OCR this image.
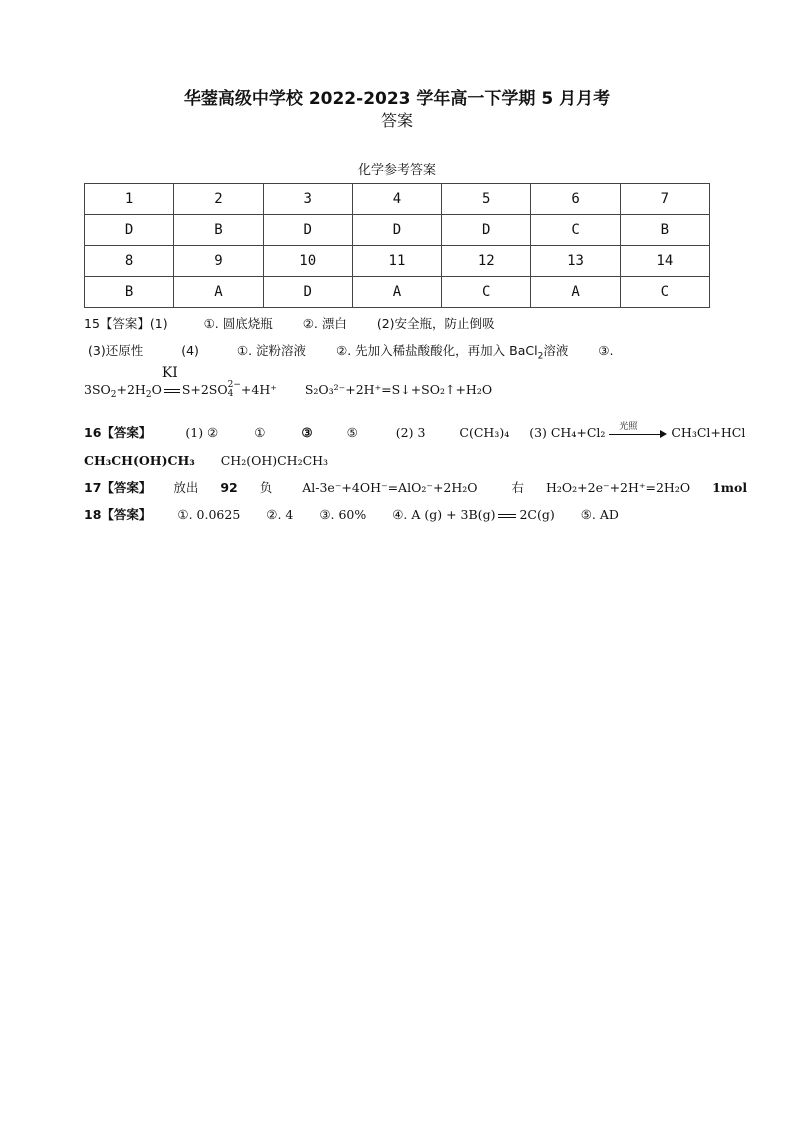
华蓥高级中学校 2022-2023 学年高一下学期 5 月月考
答案
化学参考答案
1	2	3	4	5	6	7
D	B	D	D	D	C	B
8	9	10	11	12	13	14
B	A	D	A	C	A	C
15【答案】(1)	①. 圆底烧瓶 ②. 漂白 (2)安全瓶，防止倒吸
(3)还原性	(4)	①. 淀粉溶液 ②. 先加入稀盐酸酸化，再加入 BaCl$_2$溶液 ③.
$3SO_2+2H_2O$
KI
S+2SO 2−
4 +4H⁺ S₂O₃²⁻+2H⁺=S↓+SO₂↑+H₂O
16【答案】	(1) ②	①	③	⑤	(2) 3	C(CH₃)₄ (3) CH₄+Cl₂ 光照	CH₃Cl+HCl
CH₃CH(OH)CH₃ CH₂(OH)CH₂CH₃
17【答案】 放出 92 负 Al-3e⁻+4OH⁻=AlO₂⁻+2H₂O	右 H₂O₂+2e⁻+2H⁺=2H₂O 1mol
18【答案】 ①. 0.0625 ②. 4 ③. 60% ④. A (g) + 3B(g) 2C(g) ⑤. AD
